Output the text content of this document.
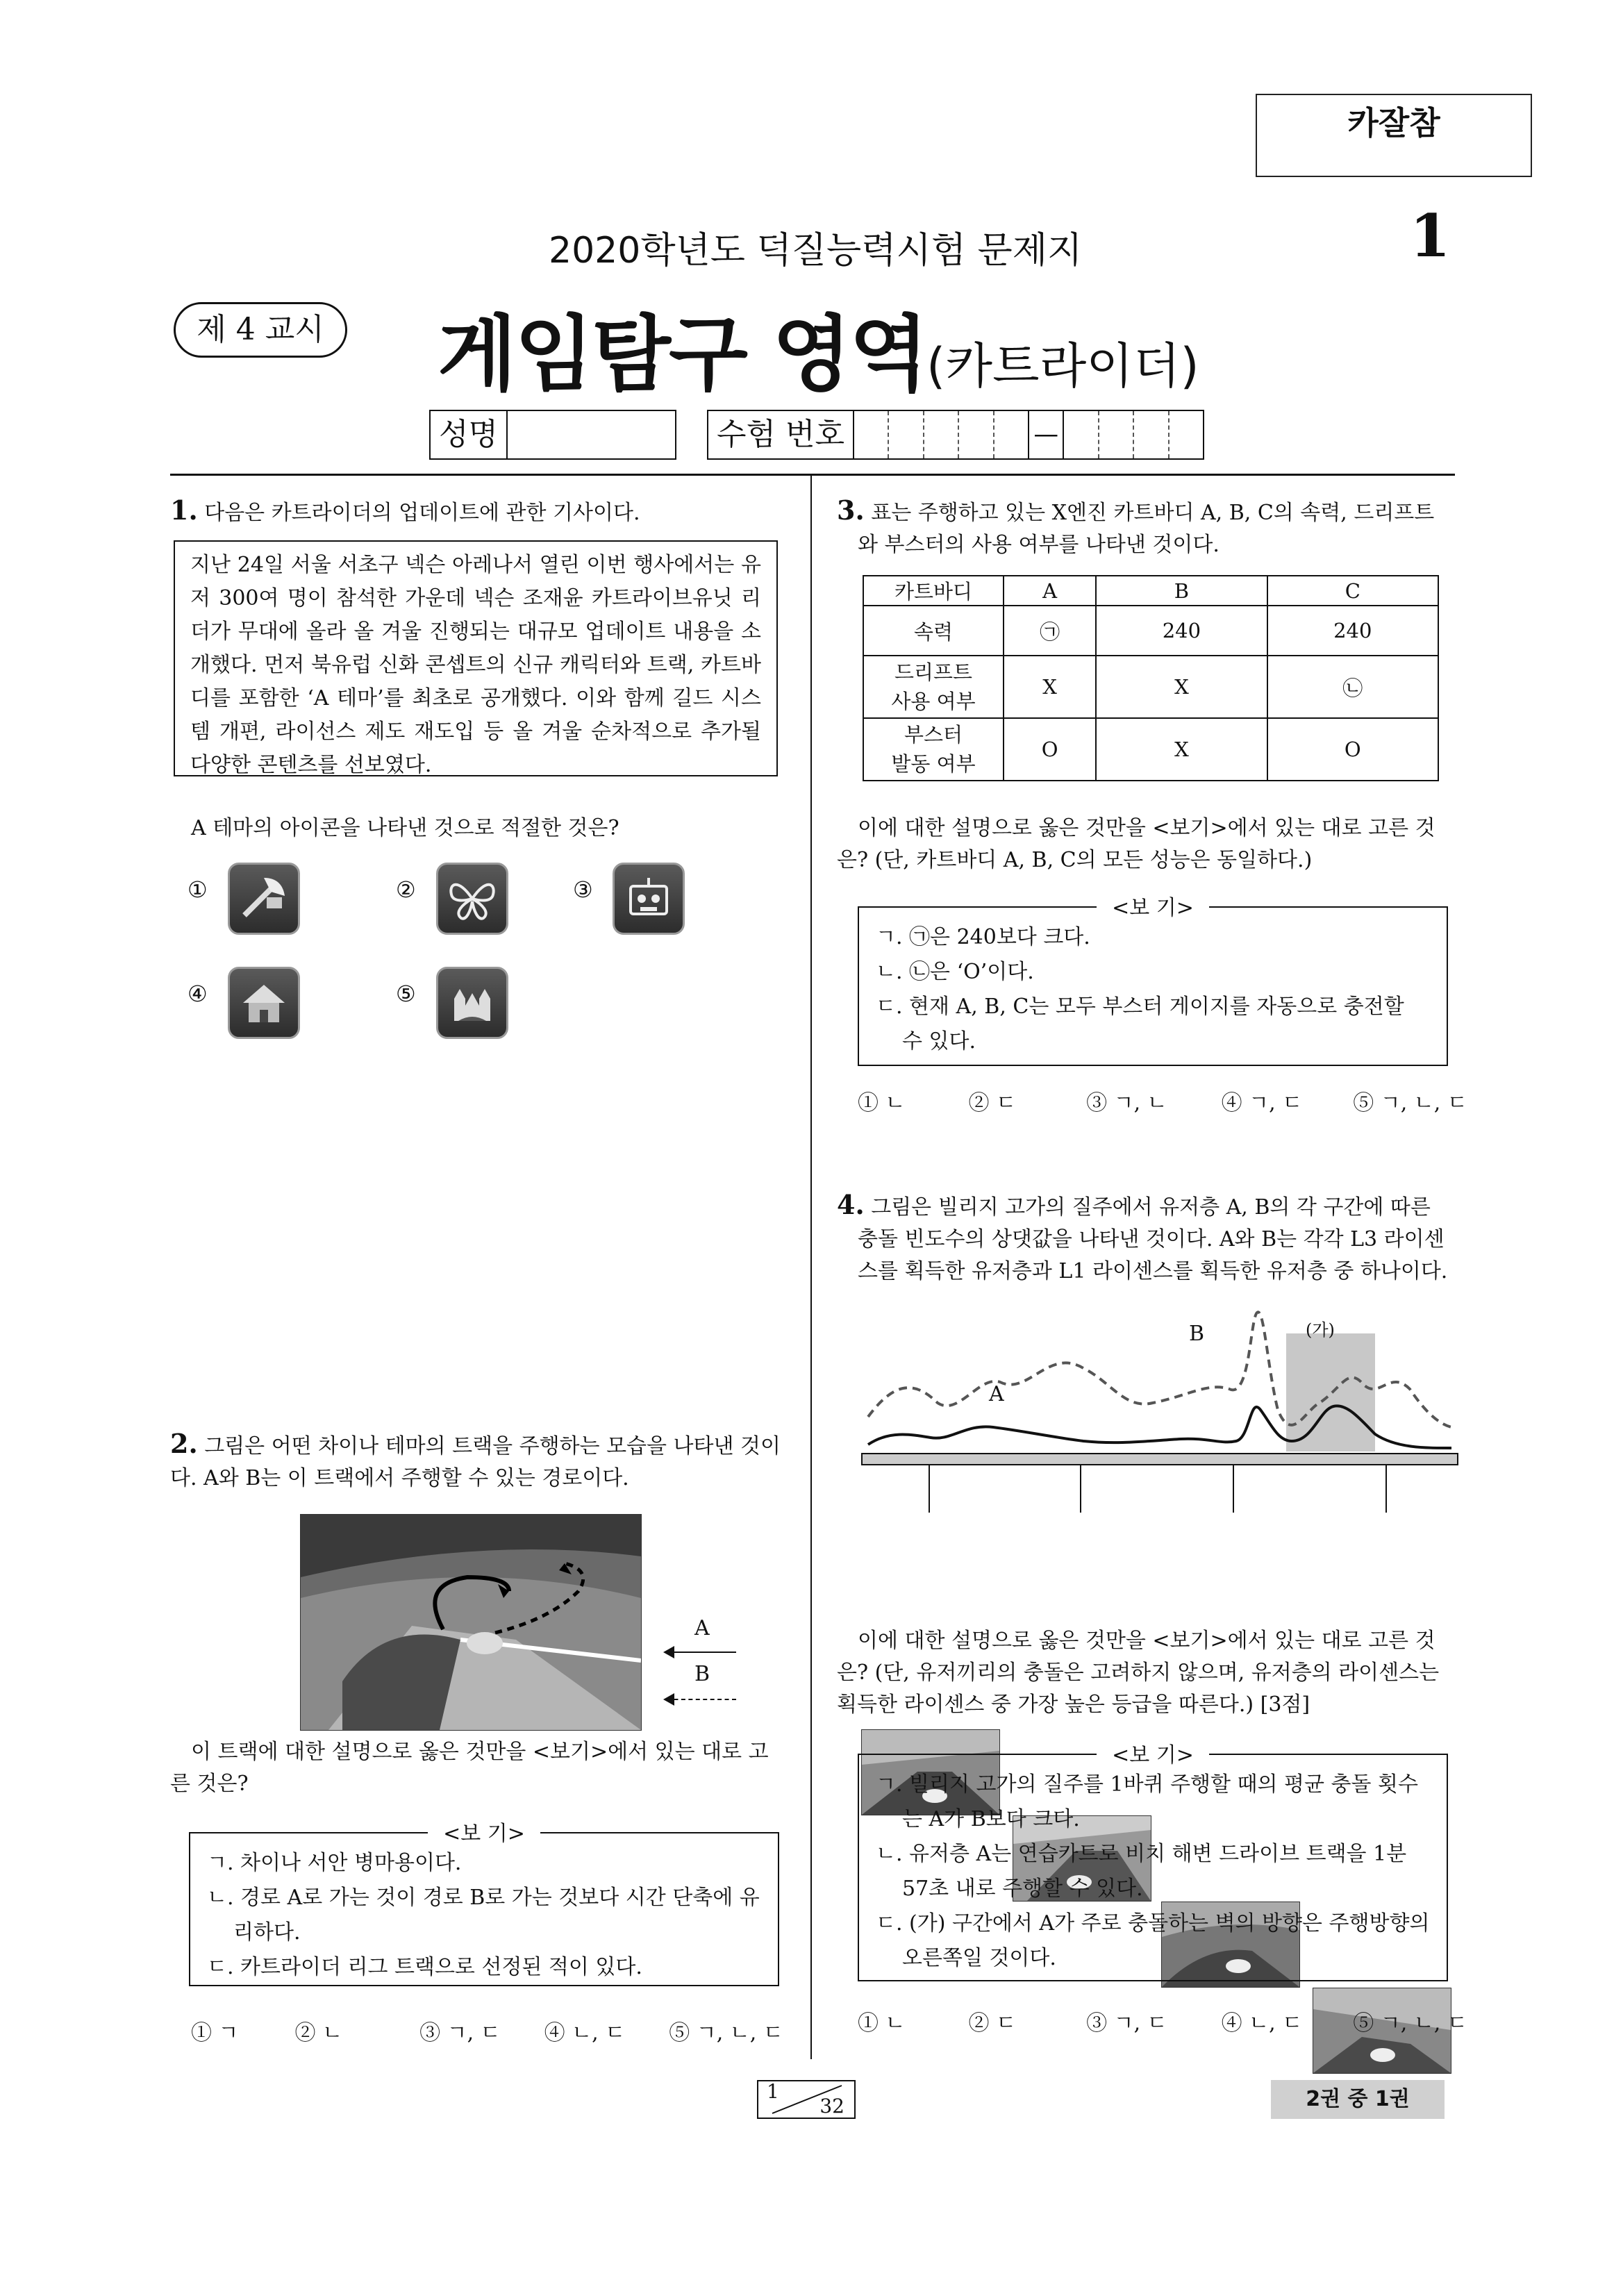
카잘참
2020학년도 덕질능력시험 문제지	1
제 4 교시 게임탐구 영역(카트라이더)
성명	수험 번호	—
1. 다음은 카트라이더의 업데이트에 관한 기사이다.
지난 24일 서울 서초구 넥슨 아레나서 열린 이번 행사에서는 유저 300여 명이 참석한 가운데 넥슨 조재윤 카트라이브유닛 리더가 무대에 올라 올 겨울 진행되는 대규모 업데이트 내용을 소개했다. 먼저 북유럽 신화 콘셉트의 신규 캐릭터와 트랙, 카트바디를 포함한 ‘A 테마’를 최초로 공개했다. 이와 함께 길드 시스템 개편, 라이선스 제도 재도입 등 올 겨울 순차적으로 추가될 다양한 콘텐츠를 선보였다.
A 테마의 아이콘을 나타낸 것으로 적절한 것은?
①	②	③
④	⑤
2. 그림은 어떤 차이나 테마의 트랙을 주행하는 모습을 나타낸 것이다. A와 B는 이 트랙에서 주행할 수 있는 경로이다.
A
B
이 트랙에 대한 설명으로 옳은 것만을 <보기>에서 있는 대로 고른 것은?
<보 기>
ㄱ. 차이나 서안 병마용이다.
ㄴ. 경로 A로 가는 것이 경로 B로 가는 것보다 시간 단축에 유리하다.
ㄷ. 카트라이더 리그 트랙으로 선정된 적이 있다.
① ㄱ	② ㄴ	③ ㄱ, ㄷ ④ ㄴ, ㄷ ⑤ ㄱ, ㄴ, ㄷ
3. 표는 주행하고 있는 X엔진 카트바디 A, B, C의 속력, 드리프트와 부스터의 사용 여부를 나타낸 것이다.
카트바디	A	B	C
속력	㉠	240	240
드리프트
사용 여부	X	X	㉡
부스터
발동 여부	O	X	O
이에 대한 설명으로 옳은 것만을 <보기>에서 있는 대로 고른 것은? (단, 카트바디 A, B, C의 모든 성능은 동일하다.)
<보 기>
ㄱ. ㉠은 240보다 크다.
ㄴ. ㉡은 ‘O’이다.
ㄷ. 현재 A, B, C는 모두 부스터 게이지를 자동으로 충전할 수 있다.
① ㄴ	② ㄷ	③ ㄱ, ㄴ	④ ㄱ, ㄷ ⑤ ㄱ, ㄴ, ㄷ
4. 그림은 빌리지 고가의 질주에서 유저층 A, B의 각 구간에 따른 충돌 빈도수의 상댓값을 나타낸 것이다. A와 B는 각각 L3 라이센스를 획득한 유저층과 L1 라이센스를 획득한 유저층 중 하나이다.
A
B	(가)
이에 대한 설명으로 옳은 것만을 <보기>에서 있는 대로 고른 것은? (단, 유저끼리의 충돌은 고려하지 않으며, 유저층의 라이센스는 획득한 라이센스 중 가장 높은 등급을 따른다.) [3점]
<보 기>
ㄱ. 빌리지 고가의 질주를 1바퀴 주행할 때의 평균 충돌 횟수는 A가 B보다 크다.
ㄴ. 유저층 A는 연습카트로 비치 해변 드라이브 트랙을 1분 57초 내로 주행할 수 있다.
ㄷ. (가) 구간에서 A가 주로 충돌하는 벽의 방향은 주행방향의 오른쪽일 것이다.
① ㄴ	② ㄷ	③ ㄱ, ㄷ	④ ㄴ, ㄷ ⑤ ㄱ, ㄴ, ㄷ
1
32	2권 중 1권
